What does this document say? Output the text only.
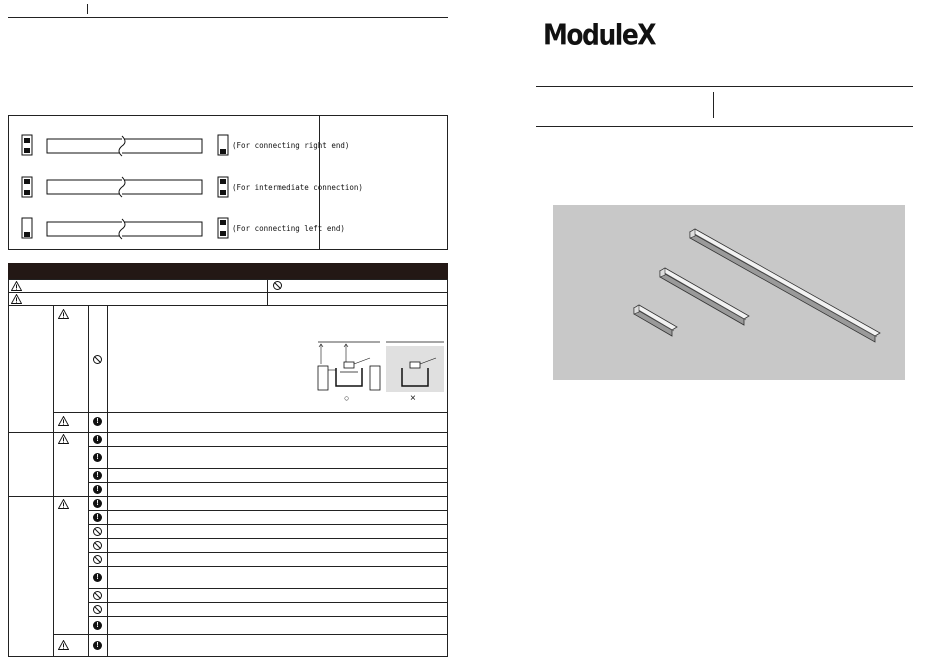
(For connecting right end)
(For intermediate connection)
(For connecting left end)
!
!
!
!
!
!
!
!
!
!
○	×
ModuleX
